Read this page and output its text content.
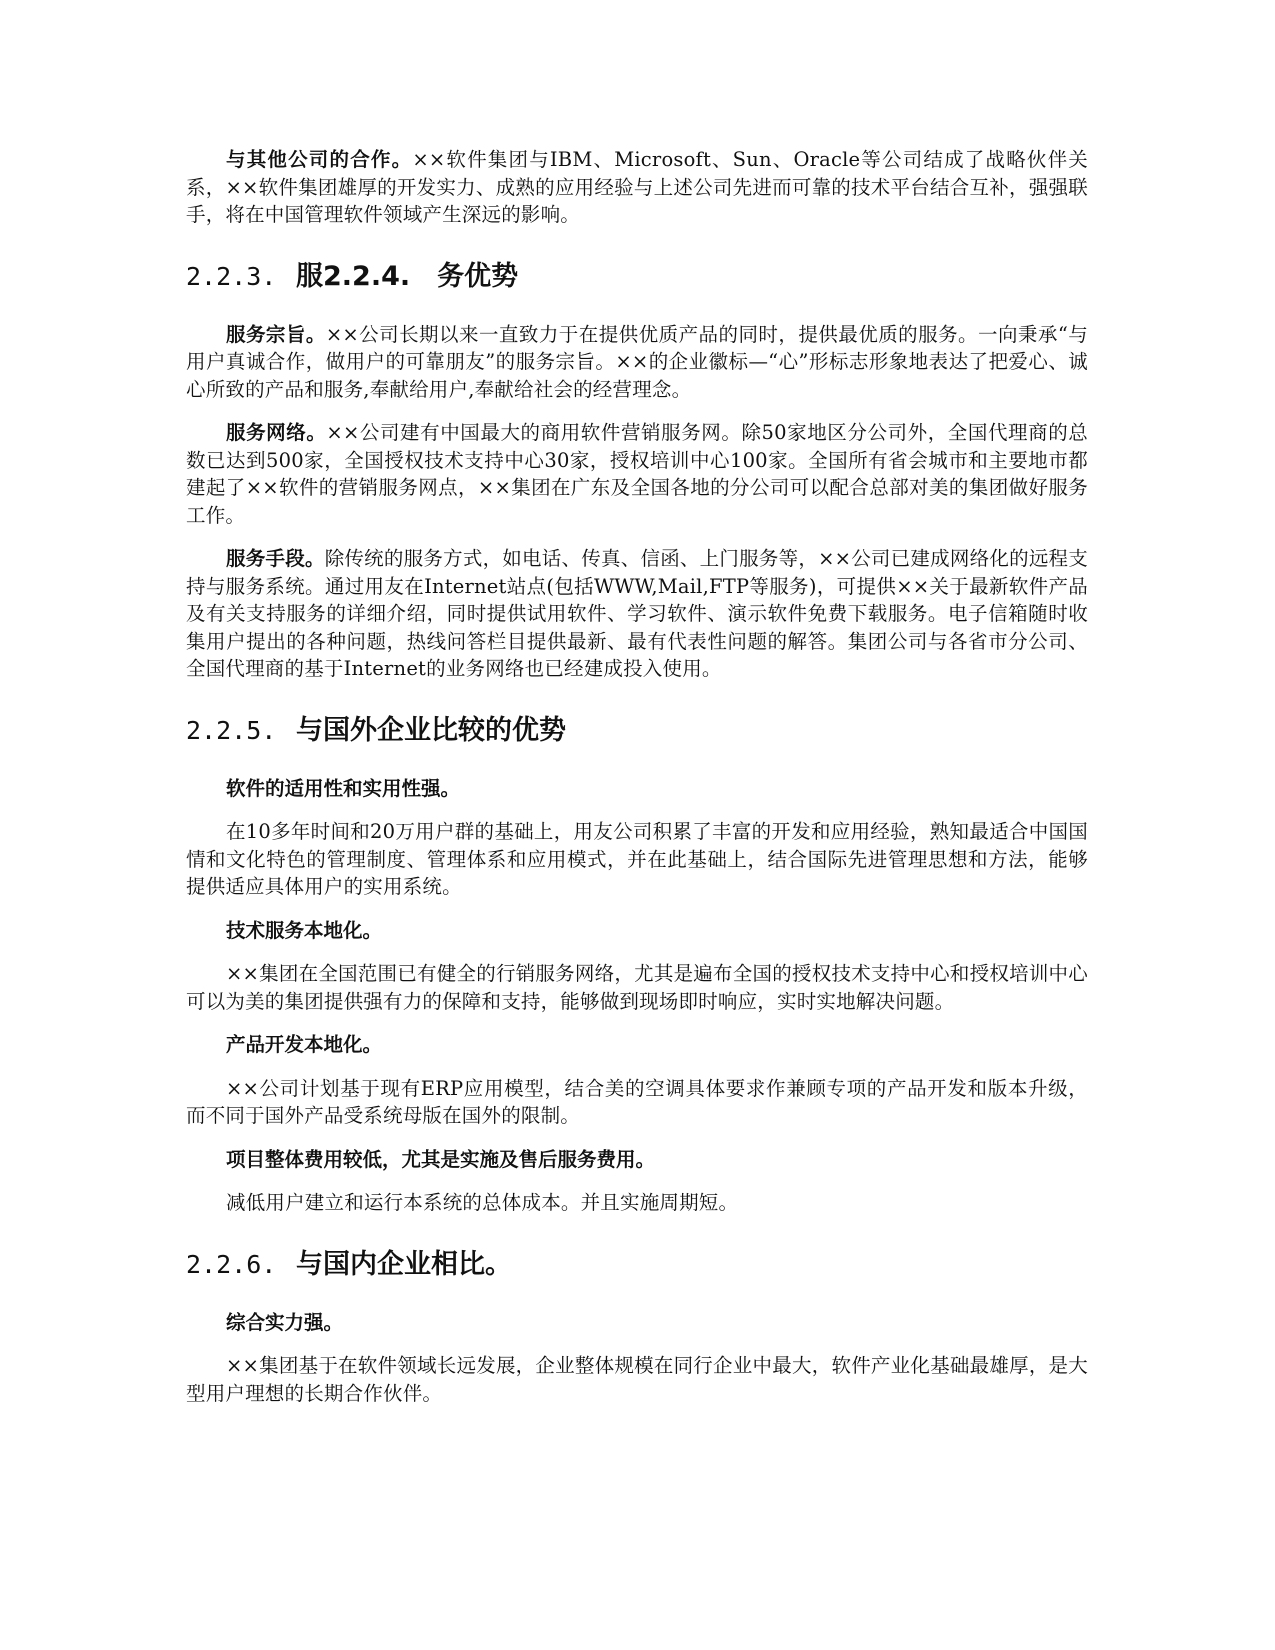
与其他公司的合作。××软件集团与IBM、Microsoft、Sun、Oracle等公司结成了战略伙伴关系，××软件集团雄厚的开发实力、成熟的应用经验与上述公司先进而可靠的技术平台结合互补，强强联手，将在中国管理软件领域产生深远的影响。

2.2.3. 服2.2.4.　务优势

服务宗旨。××公司长期以来一直致力于在提供优质产品的同时，提供最优质的服务。一向秉承“与用户真诚合作，做用户的可靠朋友”的服务宗旨。××的企业徽标—“心”形标志形象地表达了把爱心、诚心所致的产品和服务,奉献给用户,奉献给社会的经营理念。

服务网络。××公司建有中国最大的商用软件营销服务网。除50家地区分公司外，全国代理商的总数已达到500家，全国授权技术支持中心30家，授权培训中心100家。全国所有省会城市和主要地市都建起了××软件的营销服务网点，××集团在广东及全国各地的分公司可以配合总部对美的集团做好服务工作。

服务手段。除传统的服务方式，如电话、传真、信函、上门服务等，××公司已建成网络化的远程支持与服务系统。通过用友在Internet站点(包括WWW,Mail,FTP等服务)，可提供××关于最新软件产品及有关支持服务的详细介绍，同时提供试用软件、学习软件、演示软件免费下载服务。电子信箱随时收集用户提出的各种问题，热线问答栏目提供最新、最有代表性问题的解答。集团公司与各省市分公司、全国代理商的基于Internet的业务网络也已经建成投入使用。

2.2.5. 与国外企业比较的优势
软件的适用性和实用性强。

在10多年时间和20万用户群的基础上，用友公司积累了丰富的开发和应用经验，熟知最适合中国国情和文化特色的管理制度、管理体系和应用模式，并在此基础上，结合国际先进管理思想和方法，能够提供适应具体用户的实用系统。

技术服务本地化。

××集团在全国范围已有健全的行销服务网络，尤其是遍布全国的授权技术支持中心和授权培训中心可以为美的集团提供强有力的保障和支持，能够做到现场即时响应，实时实地解决问题。

产品开发本地化。

××公司计划基于现有ERP应用模型，结合美的空调具体要求作兼顾专项的产品开发和版本升级，而不同于国外产品受系统母版在国外的限制。

项目整体费用较低，尤其是实施及售后服务费用。

减低用户建立和运行本系统的总体成本。并且实施周期短。

2.2.6. 与国内企业相比。
综合实力强。

××集团基于在软件领域长远发展，企业整体规模在同行企业中最大，软件产业化基础最雄厚，是大型用户理想的长期合作伙伴。
